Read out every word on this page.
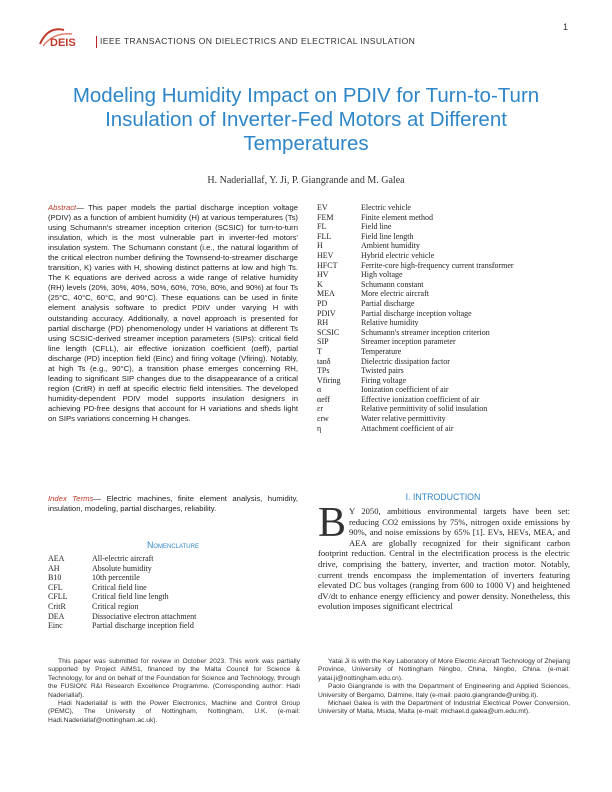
DEIS	IEEE TRANSACTIONS ON DIELECTRICS AND ELECTRICAL INSULATION
1
Modeling Humidity Impact on PDIV for Turn-to-Turn Insulation of Inverter-Fed Motors at Different Temperatures
H. Naderiallaf, Y. Ji, P. Giangrande and M. Galea
Abstract— This paper models the partial discharge inception voltage (PDIV) as a function of ambient humidity (H) at various temperatures (Ts) using Schumann's streamer inception criterion (SCSIC) for turn-to-turn insulation, which is the most vulnerable part in inverter-fed motors' insulation system. The Schumann constant (i.e., the natural logarithm of the critical electron number defining the Townsend-to-streamer discharge transition, K) varies with H, showing distinct patterns at low and high Ts. The K equations are derived across a wide range of relative humidity (RH) levels (20%, 30%, 40%, 50%, 60%, 70%, 80%, and 90%) at four Ts (25°C, 40°C, 60°C, and 90°C). These equations can be used in finite element analysis software to predict PDIV under varying H with outstanding accuracy. Additionally, a novel approach is presented for partial discharge (PD) phenomenology under H variations at different Ts using SCSIC-derived streamer inception parameters (SIPs): critical field line length (CFLL), air effective ionization coefficient (αeff), partial discharge (PD) inception field (Einc) and firing voltage (Vfiring). Notably, at high Ts (e.g., 90°C), a transition phase emerges concerning RH, leading to significant SIP changes due to the disappearance of a critical region (CritR) in αeff at specific electric field intensities. The developed humidity-dependent PDIV model supports insulation designers in achieving PD-free designs that account for H variations and sheds light on SIPs variations concerning H changes.
Index Terms— Electric machines, finite element analysis, humidity, insulation, modeling, partial discharges, reliability.
Nomenclature
AEA	All-electric aircraft
AH	Absolute humidity
B10	10th percentile
CFL	Critical field line
CFLL	Critical field line length
CritR	Critical region
DEA	Dissociative electron attachment
Einc	Partial discharge inception field
EV	Electric vehicle
FEM	Finite element method
FL	Field line
FLL	Field line length
H	Ambient humidity
HEV	Hybrid electric vehicle
HFCT	Ferrite-core high-frequency current transformer
HV	High voltage
K	Schumann constant
MEA	More electric aircraft
PD	Partial discharge
PDIV	Partial discharge inception voltage
RH	Relative humidity
SCSIC	Schumann's streamer inception criterion
SIP	Streamer inception parameter
T	Temperature
tanδ	Dielectric dissipation factor
TPs	Twisted pairs
Vfiring	Firing voltage
α	Ionization coefficient of air
αeff	Effective ionization coefficient of air
εr	Relative permittivity of solid insulation
εrw	Water relative permittivity
η	Attachment coefficient of air
I. INTRODUCTION
B Y 2050, ambitious environmental targets have been set: reducing CO2 emissions by 75%, nitrogen oxide emissions by 90%, and noise emissions by 65% [1]. EVs, HEVs, MEA, and AEA are globally recognized for their significant carbon footprint reduction. Central in the electrification process is the electric drive, comprising the battery, inverter, and traction motor. Notably, current trends encompass the implementation of inverters featuring elevated DC bus voltages (ranging from 600 to 1000 V) and heightened dV/dt to enhance energy efficiency and power density. Nonetheless, this evolution imposes significant electrical

This paper was submitted for review in October 2023. This work was partially supported by Project AIMS1, financed by the Malta Council for Science & Technology, for and on behalf of the Foundation for Science and Technology, through the FUSION: R&I Research Excellence Programme. (Corresponding author: Hadi Naderiallaf).

Hadi Naderiallaf is with the Power Electronics, Machine and Control Group (PEMC), The University of Nottingham, Nottingham, U.K. (e-mail: Hadi.Naderiallaf@nottingham.ac.uk).

Yatai Ji is with the Key Laboratory of More Electric Aircraft Technology of Zhejiang Province, University of Nottingham Ningbo, China, Ningbo, China. (e-mail: yatai.ji@nottingham.edu.cn).

Paolo Giangrande is with the Department of Engineering and Applied Sciences, University of Bergamo, Dalmine, Italy (e-mail: paolo.giangrande@unibg.it).

Michael Galea is with the Department of Industrial Electrical Power Conversion, University of Malta, Msida, Malta (e-mail: michael.d.galea@um.edu.mt).
